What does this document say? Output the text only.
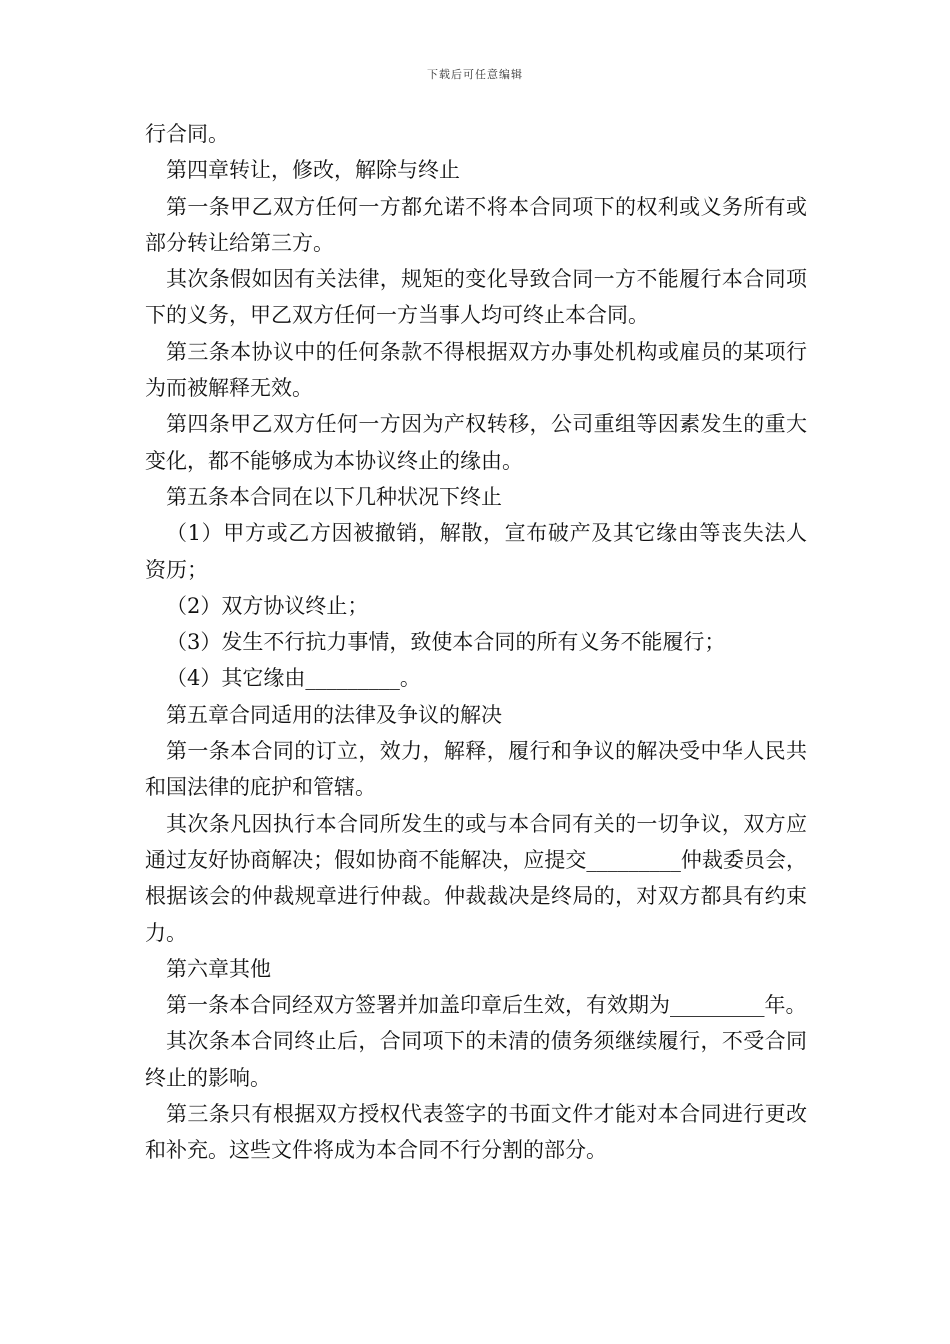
下载后可任意编辑

行合同。

第四章转让，修改，解除与终止

第一条甲乙双方任何一方都允诺不将本合同项下的权利或义务所有或部分转让给第三方。

其次条假如因有关法律，规矩的变化导致合同一方不能履行本合同项下的义务，甲乙双方任何一方当事人均可终止本合同。

第三条本协议中的任何条款不得根据双方办事处机构或雇员的某项行为而被解释无效。

第四条甲乙双方任何一方因为产权转移，公司重组等因素发生的重大变化，都不能够成为本协议终止的缘由。

第五条本合同在以下几种状况下终止

（1）甲方或乙方因被撤销，解散，宣布破产及其它缘由等丧失法人资历；

（2）双方协议终止；

（3）发生不行抗力事情，致使本合同的所有义务不能履行；

（4）其它缘由_________。

第五章合同适用的法律及争议的解决

第一条本合同的订立，效力，解释，履行和争议的解决受中华人民共和国法律的庇护和管辖。

其次条凡因执行本合同所发生的或与本合同有关的一切争议，双方应通过友好协商解决；假如协商不能解决，应提交_________仲裁委员会，根据该会的仲裁规章进行仲裁。仲裁裁决是终局的，对双方都具有约束力。

第六章其他

第一条本合同经双方签署并加盖印章后生效，有效期为_________年。

其次条本合同终止后，合同项下的未清的债务须继续履行，不受合同终止的影响。

第三条只有根据双方授权代表签字的书面文件才能对本合同进行更改和补充。这些文件将成为本合同不行分割的部分。
